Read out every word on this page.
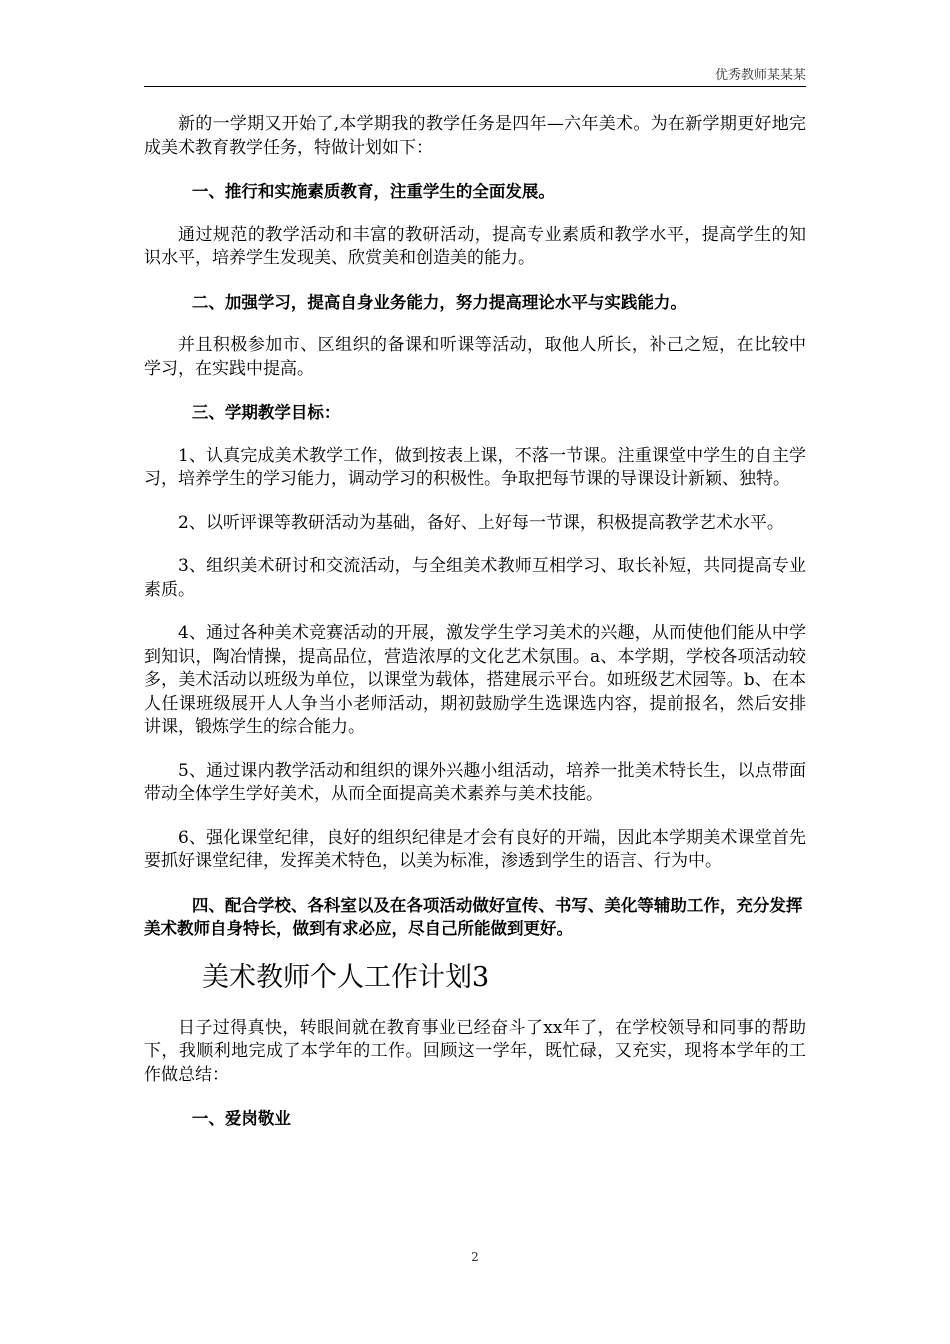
优秀教师某某某

新的一学期又开始了,本学期我的教学任务是四年—六年美术。为在新学期更好地完成美术教育教学任务，特做计划如下：

一、推行和实施素质教育，注重学生的全面发展。

通过规范的教学活动和丰富的教研活动，提高专业素质和教学水平，提高学生的知识水平，培养学生发现美、欣赏美和创造美的能力。

二、加强学习，提高自身业务能力，努力提高理论水平与实践能力。

并且积极参加市、区组织的备课和听课等活动，取他人所长，补己之短，在比较中学习，在实践中提高。

三、学期教学目标：

1、认真完成美术教学工作，做到按表上课，不落一节课。注重课堂中学生的自主学习，培养学生的学习能力，调动学习的积极性。争取把每节课的导课设计新颖、独特。

2、以听评课等教研活动为基础，备好、上好每一节课，积极提高教学艺术水平。

3、组织美术研讨和交流活动，与全组美术教师互相学习、取长补短，共同提高专业素质。

4、通过各种美术竞赛活动的开展，激发学生学习美术的兴趣，从而使他们能从中学到知识，陶冶情操，提高品位，营造浓厚的文化艺术氛围。a、本学期，学校各项活动较多，美术活动以班级为单位，以课堂为载体，搭建展示平台。如班级艺术园等。b、在本人任课班级展开人人争当小老师活动，期初鼓励学生选课选内容，提前报名，然后安排讲课，锻炼学生的综合能力。

5、通过课内教学活动和组织的课外兴趣小组活动，培养一批美术特长生，以点带面带动全体学生学好美术，从而全面提高美术素养与美术技能。

6、强化课堂纪律，良好的组织纪律是才会有良好的开端，因此本学期美术课堂首先要抓好课堂纪律，发挥美术特色，以美为标准，渗透到学生的语言、行为中。

四、配合学校、各科室以及在各项活动做好宣传、书写、美化等辅助工作，充分发挥美术教师自身特长，做到有求必应，尽自己所能做到更好。

美术教师个人工作计划3

日子过得真快，转眼间就在教育事业已经奋斗了xx年了，在学校领导和同事的帮助下，我顺利地完成了本学年的工作。回顾这一学年，既忙碌，又充实，现将本学年的工作做总结：

一、爱岗敬业

2
